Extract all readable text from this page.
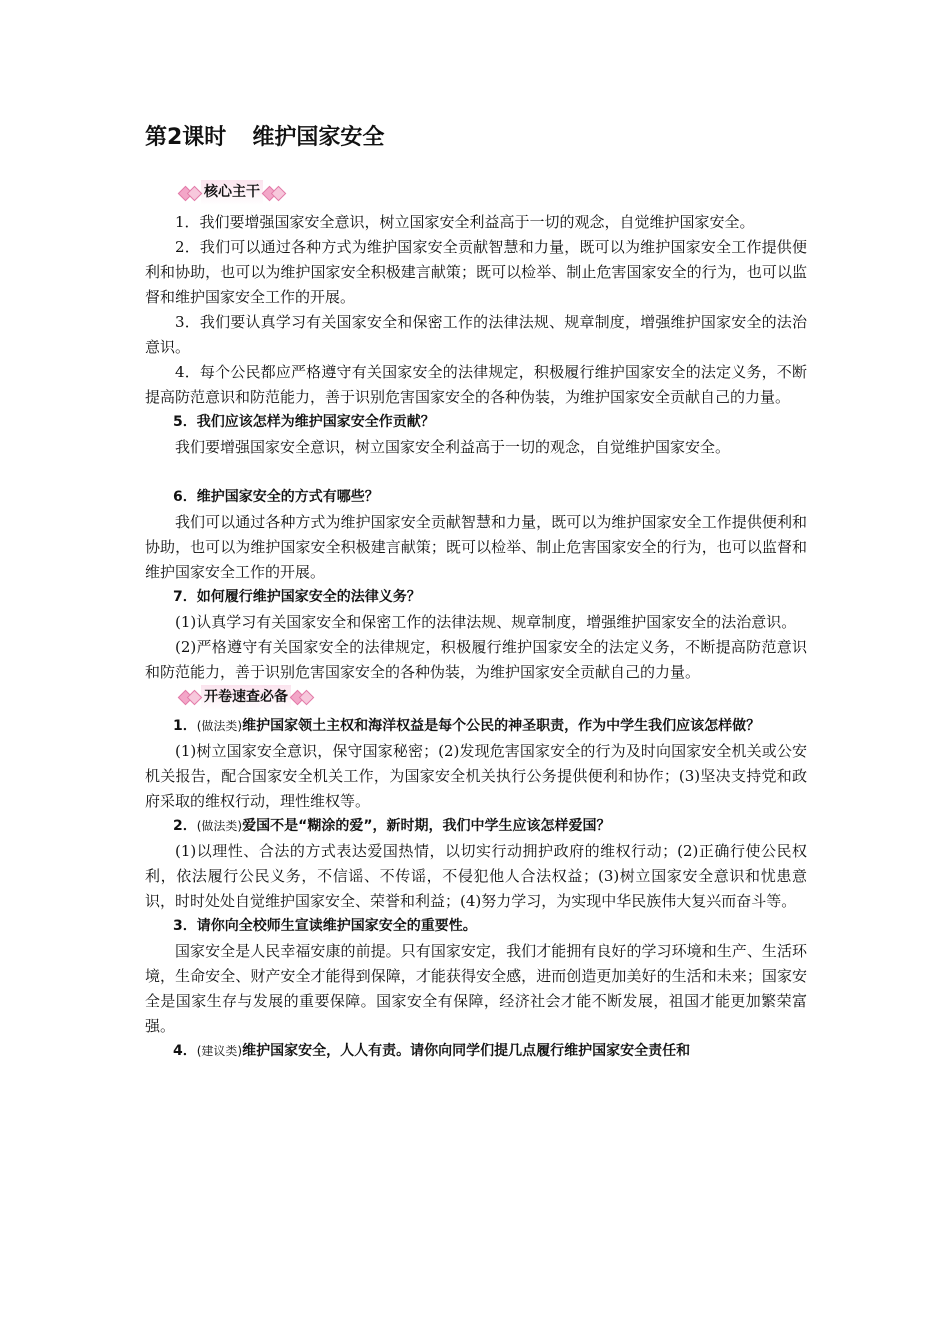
第2课时 维护国家安全
核心主干

1．我们要增强国家安全意识，树立国家安全利益高于一切的观念，自觉维护国家安全。

2．我们可以通过各种方式为维护国家安全贡献智慧和力量，既可以为维护国家安全工作提供便利和协助，也可以为维护国家安全积极建言献策；既可以检举、制止危害国家安全的行为，也可以监督和维护国家安全工作的开展。

3．我们要认真学习有关国家安全和保密工作的法律法规、规章制度，增强维护国家安全的法治意识。

4．每个公民都应严格遵守有关国家安全的法律规定，积极履行维护国家安全的法定义务，不断提高防范意识和防范能力，善于识别危害国家安全的各种伪装，为维护国家安全贡献自己的力量。

5．我们应该怎样为维护国家安全作贡献？

我们要增强国家安全意识，树立国家安全利益高于一切的观念，自觉维护国家安全。

6．维护国家安全的方式有哪些？

我们可以通过各种方式为维护国家安全贡献智慧和力量，既可以为维护国家安全工作提供便利和协助，也可以为维护国家安全积极建言献策；既可以检举、制止危害国家安全的行为，也可以监督和维护国家安全工作的开展。

7．如何履行维护国家安全的法律义务？

(1)认真学习有关国家安全和保密工作的法律法规、规章制度，增强维护国家安全的法治意识。

(2)严格遵守有关国家安全的法律规定，积极履行维护国家安全的法定义务，不断提高防范意识和防范能力，善于识别危害国家安全的各种伪装，为维护国家安全贡献自己的力量。

开卷速查必备

1．(做法类)维护国家领土主权和海洋权益是每个公民的神圣职责，作为中学生我们应该怎样做？

(1)树立国家安全意识，保守国家秘密；(2)发现危害国家安全的行为及时向国家安全机关或公安机关报告，配合国家安全机关工作，为国家安全机关执行公务提供便利和协作；(3)坚决支持党和政府采取的维权行动，理性维权等。

2．(做法类)爱国不是“糊涂的爱”，新时期，我们中学生应该怎样爱国？

(1)以理性、合法的方式表达爱国热情，以切实行动拥护政府的维权行动；(2)正确行使公民权利，依法履行公民义务，不信谣、不传谣，不侵犯他人合法权益；(3)树立国家安全意识和忧患意识，时时处处自觉维护国家安全、荣誉和利益；(4)努力学习，为实现中华民族伟大复兴而奋斗等。

3．请你向全校师生宣读维护国家安全的重要性。

国家安全是人民幸福安康的前提。只有国家安定，我们才能拥有良好的学习环境和生产、生活环境，生命安全、财产安全才能得到保障，才能获得安全感，进而创造更加美好的生活和未来；国家安全是国家生存与发展的重要保障。国家安全有保障，经济社会才能不断发展，祖国才能更加繁荣富强。

4．(建议类)维护国家安全，人人有责。请你向同学们提几点履行维护国家安全责任和
